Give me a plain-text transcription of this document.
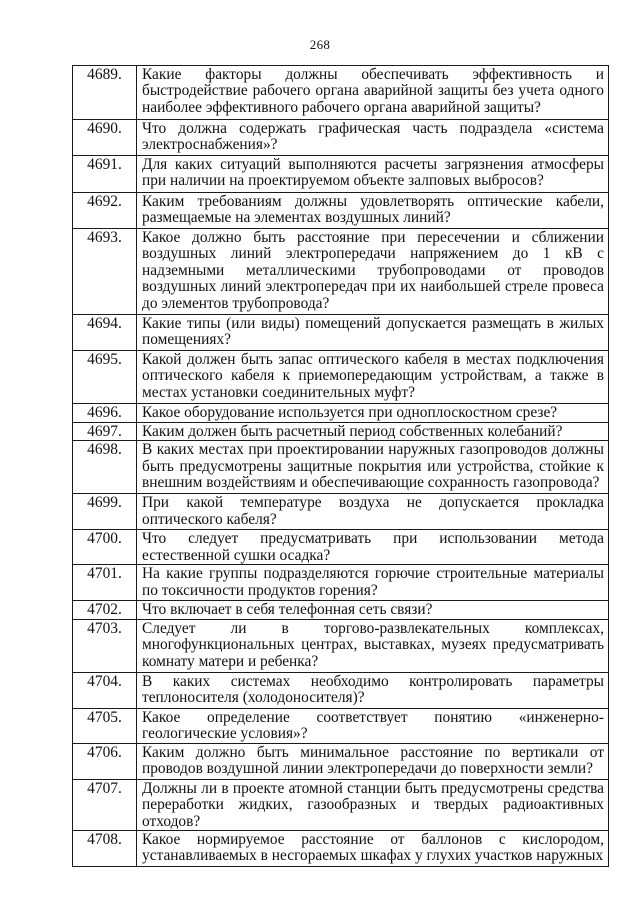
268
4689.	Какие факторы должны обеспечивать эффективность и быстродействие рабочего органа аварийной защиты без учета одного наиболее эффективного рабочего органа аварийной защиты?
4690.	Что должна содержать графическая часть подраздела «система электроснабжения»?
4691.	Для каких ситуаций выполняются расчеты загрязнения атмосферы при наличии на проектируемом объекте залповых выбросов?
4692.	Каким требованиям должны удовлетворять оптические кабели, размещаемые на элементах воздушных линий?
4693.	Какое должно быть расстояние при пересечении и сближении воздушных линий электропередачи напряжением до 1 кВ с надземными металлическими трубопроводами от проводов воздушных линий электропередач при их наибольшей стреле провеса до элементов трубопровода?
4694.	Какие типы (или виды) помещений допускается размещать в жилых помещениях?
4695.	Какой должен быть запас оптического кабеля в местах подключения оптического кабеля к приемопередающим устройствам, а также в местах установки соединительных муфт?
4696.	Какое оборудование используется при одноплоскостном срезе?
4697.	Каким должен быть расчетный период собственных колебаний?
4698.	В каких местах при проектировании наружных газопроводов должны быть предусмотрены защитные покрытия или устройства, стойкие к внешним воздействиям и обеспечивающие сохранность газопровода?
4699.	При какой температуре воздуха не допускается прокладка оптического кабеля?
4700.	Что следует предусматривать при использовании метода естественной сушки осадка?
4701.	На какие группы подразделяются горючие строительные материалы по токсичности продуктов горения?
4702.	Что включает в себя телефонная сеть связи?
4703.	Следует ли в торгово-развлекательных комплексах, многофункциональных центрах, выставках, музеях предусматривать комнату матери и ребенка?
4704.	В каких системах необходимо контролировать параметры теплоносителя (холодоносителя)?
4705.	Какое определение соответствует понятию «инженерно-геологические условия»?
4706.	Каким должно быть минимальное расстояние по вертикали от проводов воздушной линии электропередачи до поверхности земли?
4707.	Должны ли в проекте атомной станции быть предусмотрены средства переработки жидких, газообразных и твердых радиоактивных отходов?
4708.	Какое нормируемое расстояние от баллонов с кислородом, устанавливаемых в несгораемых шкафах у глухих участков наружных
